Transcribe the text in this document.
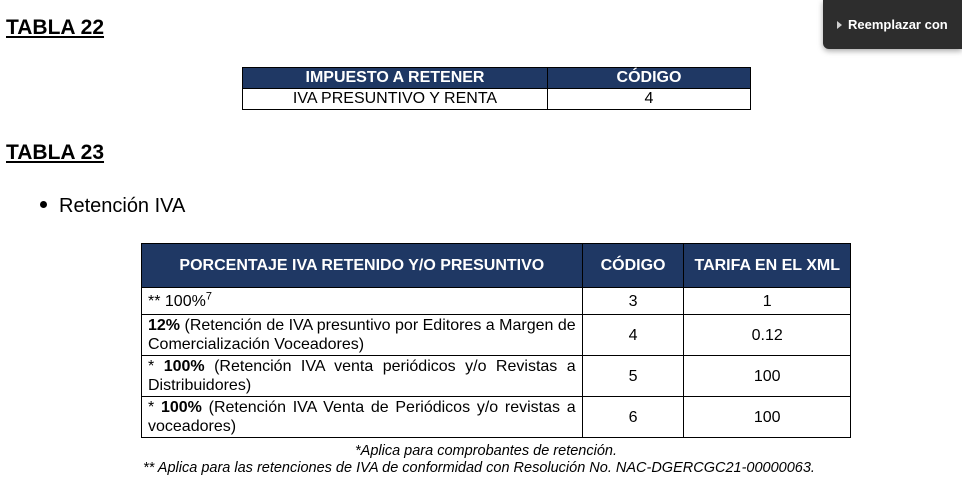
Reemplazar con
TABLA 22
IMPUESTO A RETENER	CÓDIGO
IVA PRESUNTIVO Y RENTA	4
TABLA 23
Retención IVA
PORCENTAJE IVA RETENIDO Y/O PRESUNTIVO	CÓDIGO	TARIFA EN EL XML
** 100%$^7$	3	1
12% (Retención de IVA presuntivo por Editores a Margen de Comercialización Voceadores)	4	0.12
* 100% (Retención IVA venta periódicos y/o Revistas a Distribuidores)	5	100
* 100% (Retención IVA Venta de Periódicos y/o revistas a voceadores)	6	100
*Aplica para comprobantes de retención.
** Aplica para las retenciones de IVA de conformidad con Resolución No. NAC-DGERCGC21-00000063.
